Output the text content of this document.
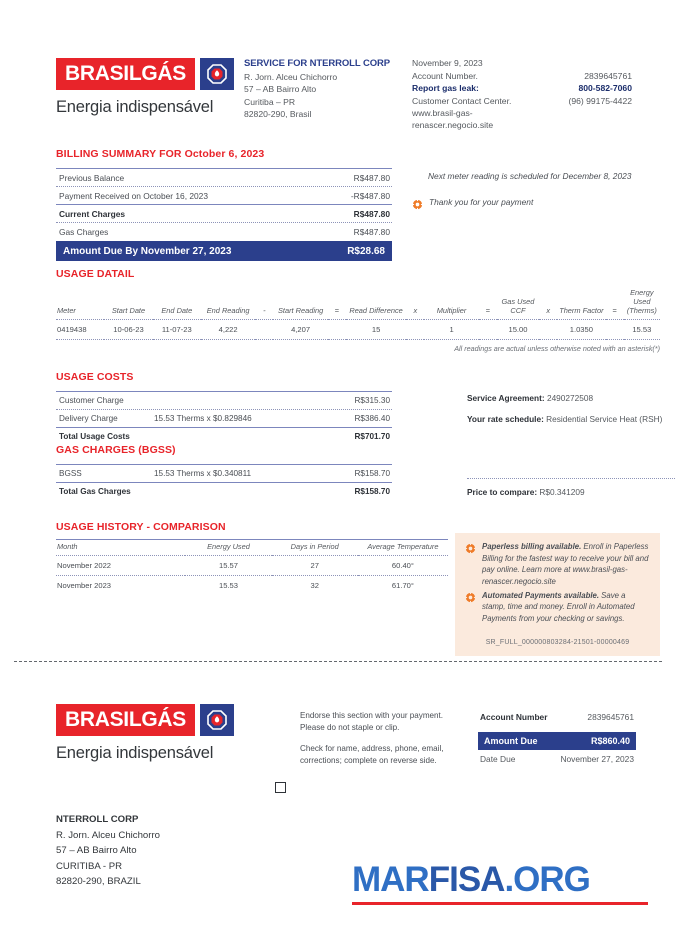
BRASILGÁS
Energia indispensável
SERVICE FOR NTERROLL CORP
R. Jorn. Alceu Chichorro
57 – AB Bairro Alto
Curitiba – PR
82820-290, Brasil
November 9, 2023
Account Number.	2839645761
Report gas leak:	800-582-7060
Customer Contact Center.	(96) 99175-4422
www.brasil-gas-renascer.negocio.site
BILLING SUMMARY FOR October 6, 2023
Previous Balance	R$487.80
Payment Received on October 16, 2023	-R$487.80
Current Charges	R$487.80
Gas Charges	R$487.80
Amount Due By November 27, 2023	R$28.68
Next meter reading is scheduled for December 8, 2023
Thank you for your payment
USAGE DATAIL
Meter	Start Date	End Date	End Reading	-	Start Reading	=	Read Difference	x	Multiplier	=	Gas Used CCF	x	Therm Factor	=	Energy Used (Therms)
0419438	10-06-23	11-07-23	4,222		4,207		15		1		15.00		1.0350		15.53
All readings are actual unless otherwise noted with an asterisk(*)
USAGE COSTS
Customer Charge	R$315.30
Delivery Charge	15.53 Therms x $0.829846	R$386.40
Total Usage Costs	R$701.70
GAS CHARGES (BGSS)
BGSS	15.53 Therms x $0.340811	R$158.70
Total Gas Charges	R$158.70
Service Agreement: 2490272508
Your rate schedule: Residential Service Heat (RSH)
Price to compare: R$0.341209
USAGE HISTORY - COMPARISON
Month	Energy Used	Days in Period	Average Temperature
November 2022	15.57	27	60.40°
November 2023	15.53	32	61.70°
Paperless billing available. Enroll in Paperless Billing for the fastest way to receive your bill and pay online. Learn more at www.brasil-gas-renascer.negocio.site
Automated Payments available. Save a stamp, time and money. Enroll in Automated Payments from your checking or savings.
SR_FULL_000000803284-21501-00000469
BRASILGÁS
Energia indispensável

Endorse this section with your payment. Please do not staple or clip.

Check for name, address, phone, email, corrections; complete on reverse side.

Account Number	2839645761
Amount Due	R$860.40
Date Due	November 27, 2023
NTERROLL CORP
R. Jorn. Alceu Chichorro
57 – AB Bairro Alto
CURITIBA - PR
82820-290, BRAZIL	MARFISA.ORG
